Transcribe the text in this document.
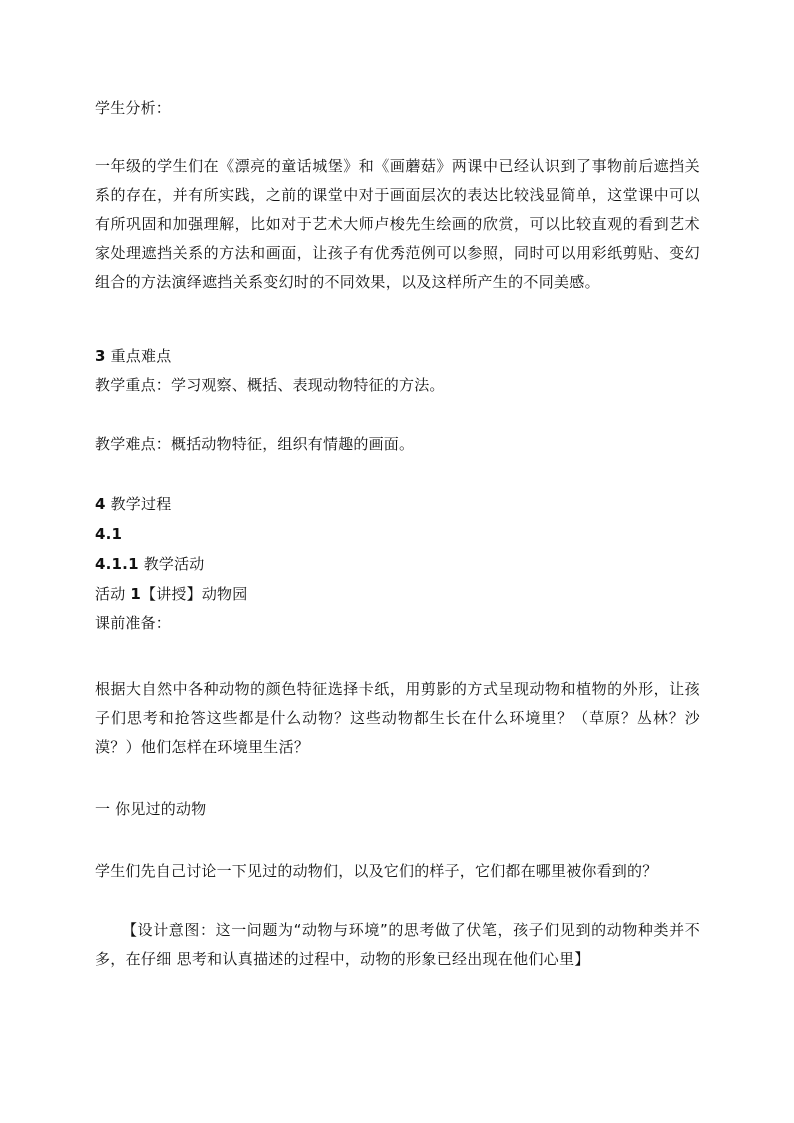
学生分析：
一年级的学生们在《漂亮的童话城堡》和《画蘑菇》两课中已经认识到了事物前后遮挡关系的存在，并有所实践，之前的课堂中对于画面层次的表达比较浅显简单，这堂课中可以有所巩固和加强理解，比如对于艺术大师卢梭先生绘画的欣赏，可以比较直观的看到艺术家处理遮挡关系的方法和画面，让孩子有优秀范例可以参照，同时可以用彩纸剪贴、变幻组合的方法演绎遮挡关系变幻时的不同效果，以及这样所产生的不同美感。
3 重点难点
教学重点：学习观察、概括、表现动物特征的方法。
教学难点：概括动物特征，组织有情趣的画面。
4 教学过程
4.1
4.1.1 教学活动
活动 1【讲授】动物园
课前准备：
根据大自然中各种动物的颜色特征选择卡纸，用剪影的方式呈现动物和植物的外形，让孩子们思考和抢答这些都是什么动物？这些动物都生长在什么环境里？（草原？丛林？沙漠？）他们怎样在环境里生活？
一 你见过的动物
学生们先自己讨论一下见过的动物们，以及它们的样子，它们都在哪里被你看到的？
【设计意图：这一问题为“动物与环境”的思考做了伏笔，孩子们见到的动物种类并不多，在仔细 思考和认真描述的过程中，动物的形象已经出现在他们心里】
